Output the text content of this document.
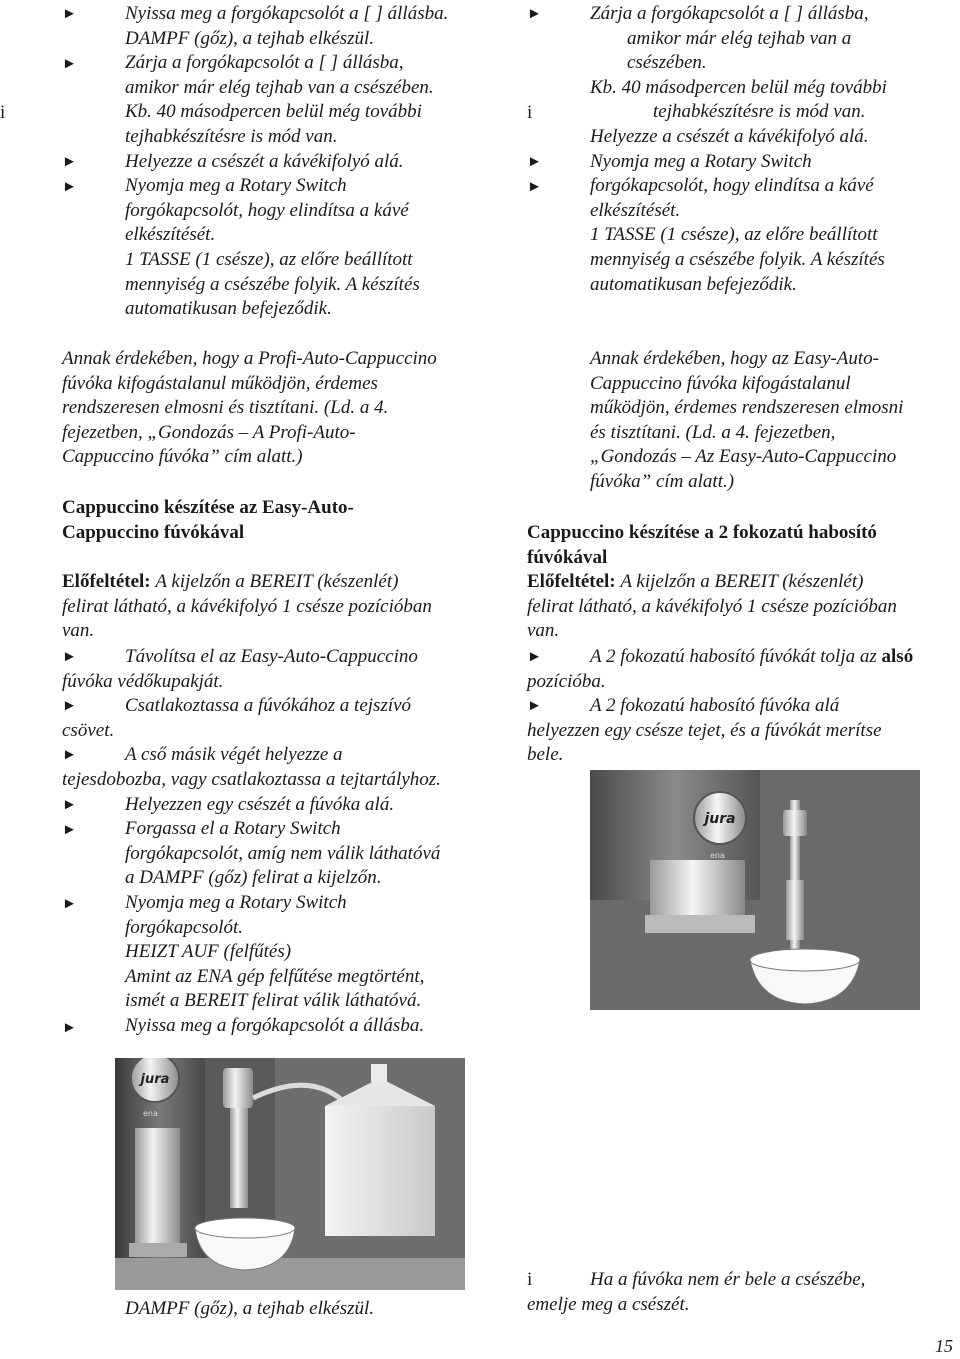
►
►
i
►
►
Nyissa meg a forgókapcsolót a [ ] állásba.
DAMPF (gőz), a tejhab elkészül.
Zárja a forgókapcsolót a [ ] állásba,
amikor már elég tejhab van a csészében.
Kb. 40 másodpercen belül még további
tejhabkészítésre is mód van.
Helyezze a csészét a kávékifolyó alá.
Nyomja meg a Rotary Switch
forgókapcsolót, hogy elindítsa a kávé
elkészítését.
1 TASSE (1 csésze), az előre beállított
mennyiség a csészébe folyik. A készítés
automatikusan befejeződik.
Annak érdekében, hogy a Profi-Auto-Cappuccino
fúvóka kifogástalanul működjön, érdemes
rendszeresen elmosni és tisztítani. (Ld. a 4.
fejezetben, „Gondozás – A Profi-Auto-
Cappuccino fúvóka” cím alatt.)
Cappuccino készítése az Easy-Auto-
Cappuccino fúvókával
Előfeltétel: A kijelzőn a BEREIT (készenlét)
felirat látható, a kávékifolyó 1 csésze pozícióban
van.
►
►
►
►
►
►
►
Távolítsa el az Easy-Auto-Cappuccino
fúvóka védőkupakját.
Csatlakoztassa a fúvókához a tejszívó
csövet.
A cső másik végét helyezze a
tejesdobozba, vagy csatlakoztassa a tejtartályhoz.
Helyezzen egy csészét a fúvóka alá.
Forgassa el a Rotary Switch
forgókapcsolót, amíg nem válik láthatóvá
a DAMPF (gőz) felirat a kijelzőn.
Nyomja meg a Rotary Switch
forgókapcsolót.
HEIZT AUF (felfűtés)
Amint az ENA gép felfűtése megtörtént,
ismét a BEREIT felirat válik láthatóvá.
Nyissa meg a forgókapcsolót a állásba.
DAMPF (gőz), a tejhab elkészül.
jura
ena
►
i
►
►
Zárja a forgókapcsolót a [ ] állásba,
amikor már elég tejhab van a
csészében.
Kb. 40 másodpercen belül még további
tejhabkészítésre is mód van.
Helyezze a csészét a kávékifolyó alá.
Nyomja meg a Rotary Switch
forgókapcsolót, hogy elindítsa a kávé
elkészítését.
1 TASSE (1 csésze), az előre beállított
mennyiség a csészébe folyik. A készítés
automatikusan befejeződik.
Annak érdekében, hogy az Easy-Auto-
Cappuccino fúvóka kifogástalanul
működjön, érdemes rendszeresen elmosni
és tisztítani. (Ld. a 4. fejezetben,
„Gondozás – Az Easy-Auto-Cappuccino
fúvóka” cím alatt.)
Cappuccino készítése a 2 fokozatú habosító
fúvókával
Előfeltétel: A kijelzőn a BEREIT (készenlét)
felirat látható, a kávékifolyó 1 csésze pozícióban
van.
►
►
A 2 fokozatú habosító fúvókát tolja az alsó
pozícióba.
A 2 fokozatú habosító fúvóka alá
helyezzen egy csésze tejet, és a fúvókát merítse
bele.
jura
ena
i	Ha a fúvóka nem ér bele a csészébe,
emelje meg a csészét.
15
